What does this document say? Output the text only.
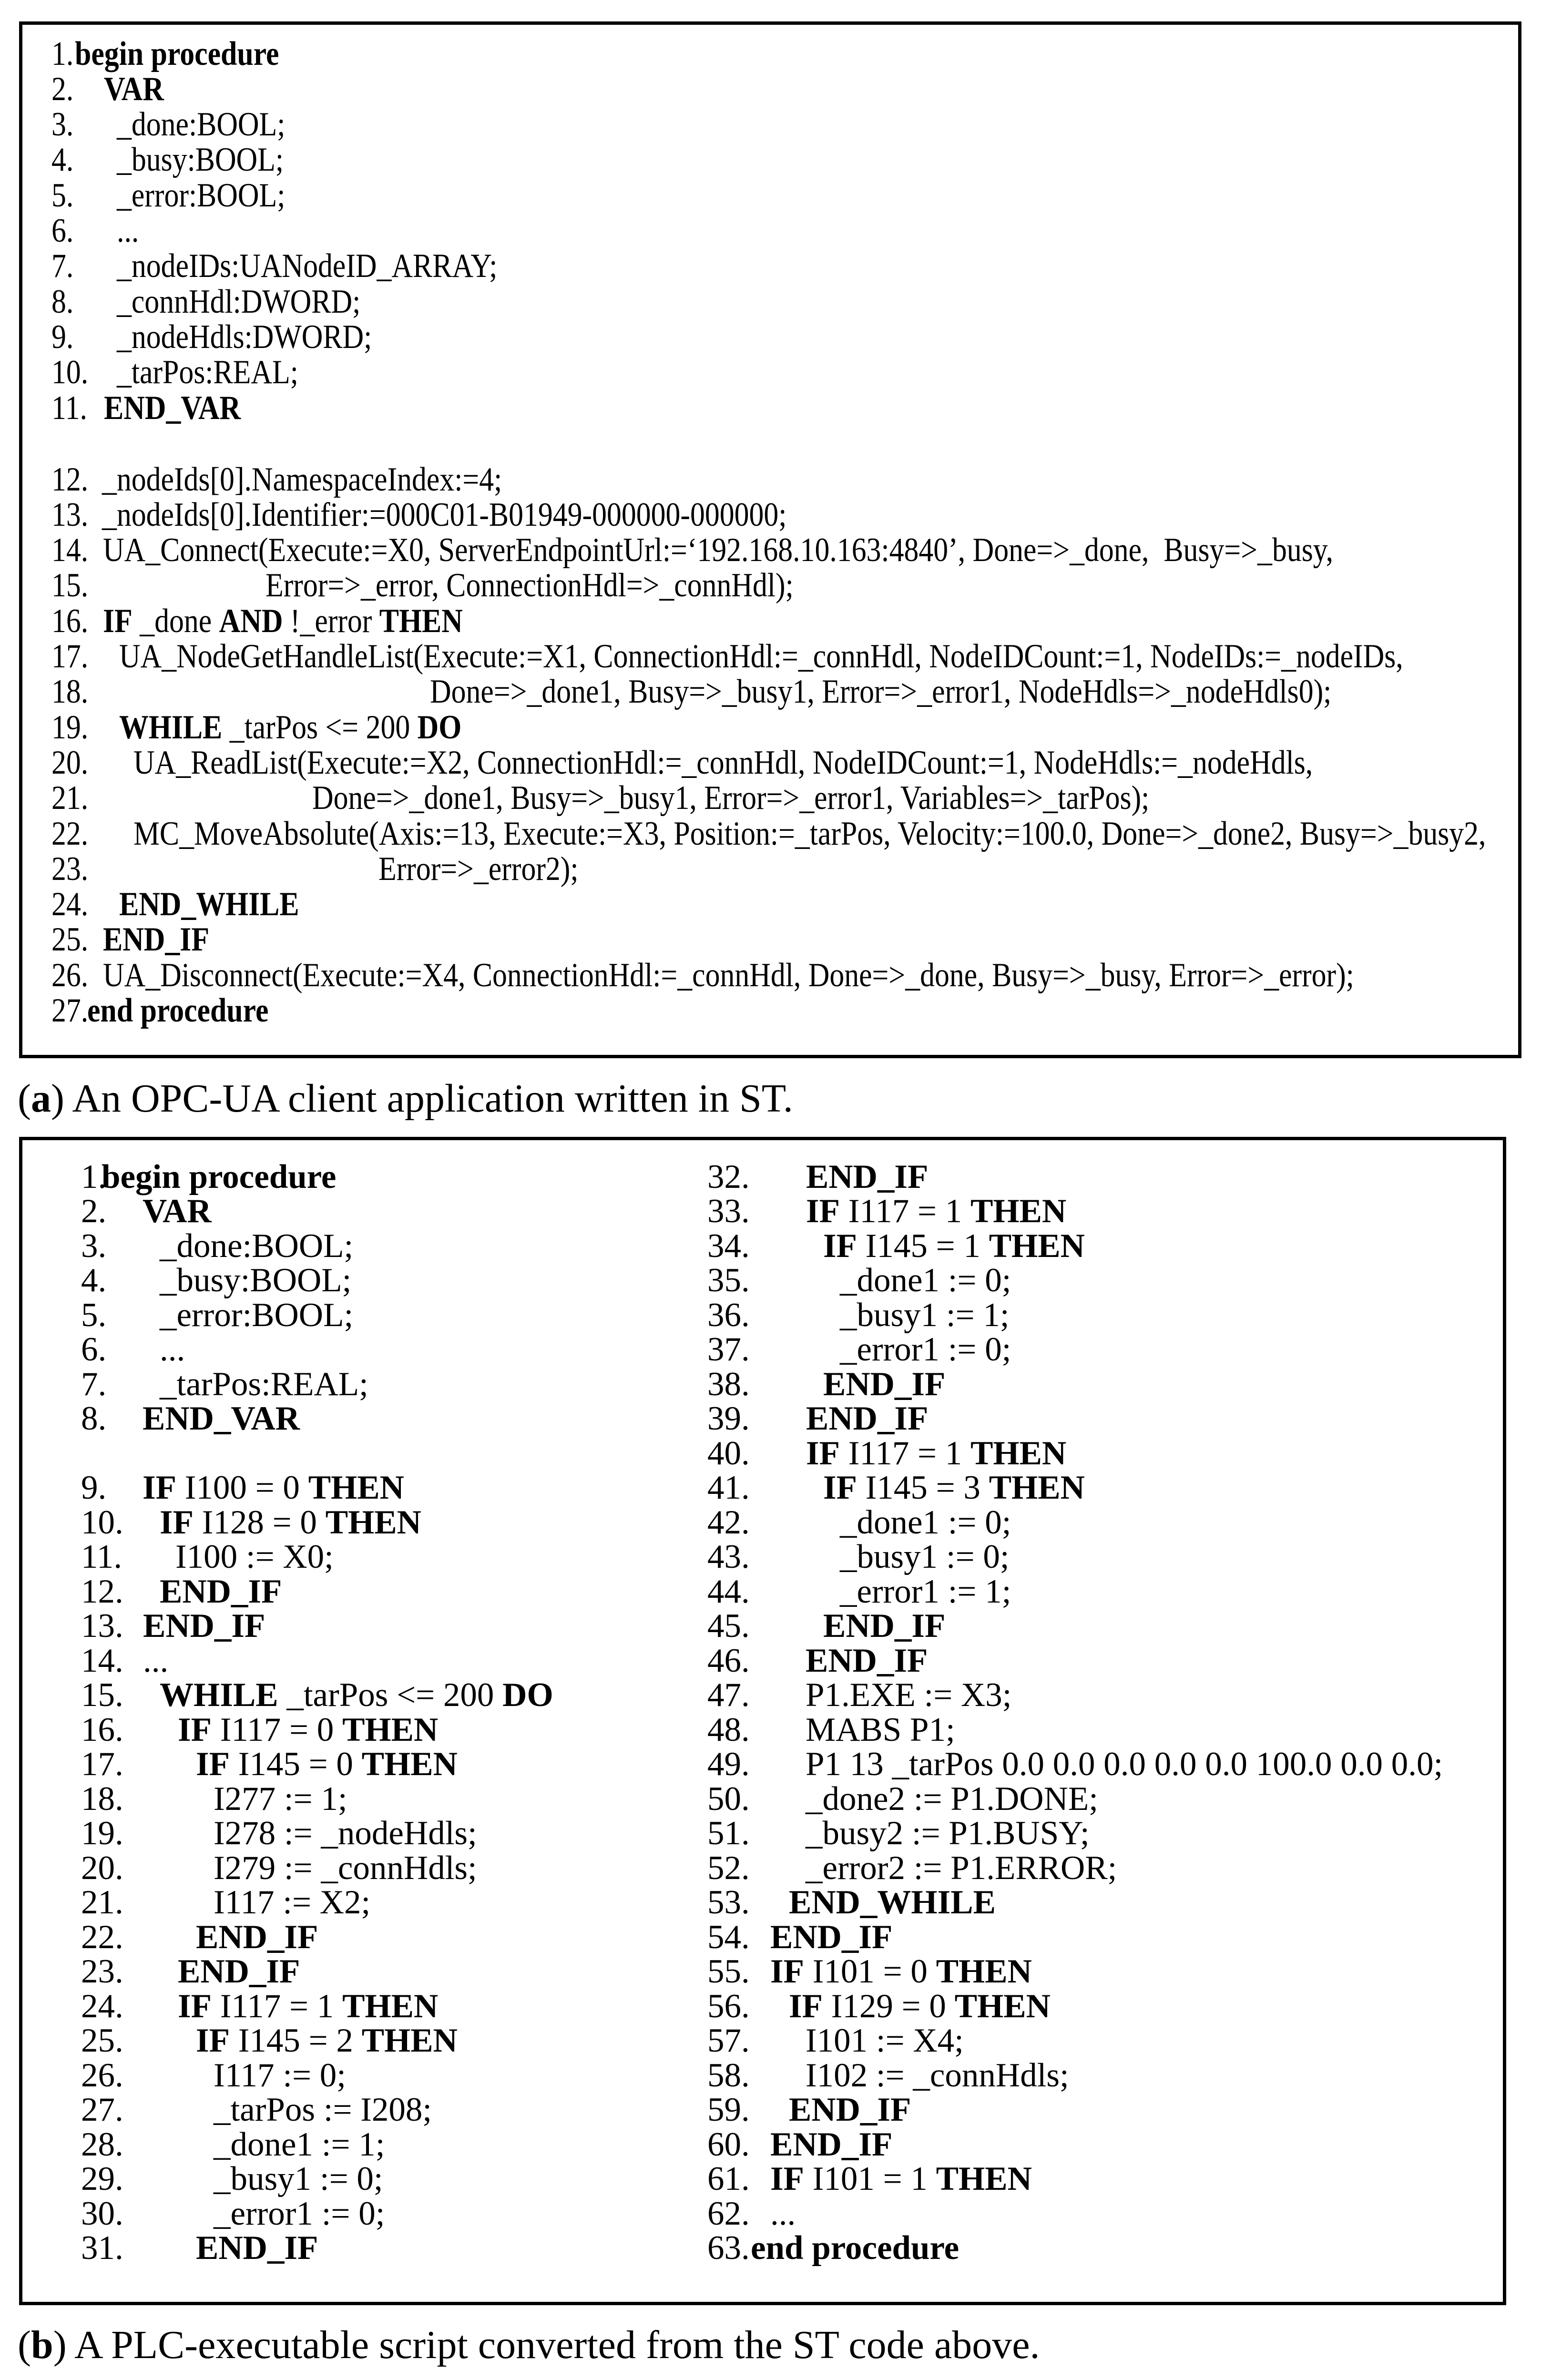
1. begin procedure
2. VAR
3. _done:BOOL;
4. _busy:BOOL;
5. _error:BOOL;
6. ...
7. _nodeIDs:UANodeID_ARRAY;
8. _connHdl:DWORD;
9. _nodeHdls:DWORD;
10. _tarPos:REAL;
11. END_VAR
12. _nodeIds[0].NamespaceIndex:=4;
13. _nodeIds[0].Identifier:=000C01-B01949-000000-000000;
14. UA_Connect(Execute:=X0, ServerEndpointUrl:=‘192.168.10.163:4840’, Done=>_done,  Busy=>_busy,
15.	Error=>_error, ConnectionHdl=>_connHdl);
16. IF _done AND !_error THEN
17. UA_NodeGetHandleList(Execute:=X1, ConnectionHdl:=_connHdl, NodeIDCount:=1, NodeIDs:=_nodeIDs,
18.	Done=>_done1, Busy=>_busy1, Error=>_error1, NodeHdls=>_nodeHdls0);
19. WHILE _tarPos <= 200 DO
20. UA_ReadList(Execute:=X2, ConnectionHdl:=_connHdl, NodeIDCount:=1, NodeHdls:=_nodeHdls,
21.	Done=>_done1, Busy=>_busy1, Error=>_error1, Variables=>_tarPos);
22. MC_MoveAbsolute(Axis:=13, Execute:=X3, Position:=_tarPos, Velocity:=100.0, Done=>_done2, Busy=>_busy2,
23.	Error=>_error2);
24. END_WHILE
25. END_IF
26. UA_Disconnect(Execute:=X4, ConnectionHdl:=_connHdl, Done=>_done, Busy=>_busy, Error=>_error);
27.
end procedure
(a) An OPC-UA client application written in ST.
1.
begin procedure
2. VAR
3. _done:BOOL;
4. _busy:BOOL;
5. _error:BOOL;
6. ...
7. _tarPos:REAL;
8. END_VAR
9. IF I100 = 0 THEN
10. IF I128 = 0 THEN
11. I100 := X0;
12. END_IF
13. END_IF
14. ...
15. WHILE _tarPos <= 200 DO
16. IF I117 = 0 THEN
17. IF I145 = 0 THEN
18.	I277 := 1;
19.	I278 := _nodeHdls;
20.	I279 := _connHdls;
21.	I117 := X2;
22. END_IF
23. END_IF
24. IF I117 = 1 THEN
25. IF I145 = 2 THEN
26.	I117 := 0;
27.	_tarPos := I208;
28.	_done1 := 1;
29.	_busy1 := 0;
30.	_error1 := 0;
31. END_IF
32. END_IF
33. IF I117 = 1 THEN
34. IF I145 = 1 THEN
35.	_done1 := 0;
36.	_busy1 := 1;
37.	_error1 := 0;
38. END_IF
39. END_IF
40. IF I117 = 1 THEN
41. IF I145 = 3 THEN
42.	_done1 := 0;
43.	_busy1 := 0;
44.	_error1 := 1;
45. END_IF
46. END_IF
47. P1.EXE := X3;
48. MABS P1;
49. P1 13 _tarPos 0.0 0.0 0.0 0.0 0.0 100.0 0.0 0.0;
50. _done2 := P1.DONE;
51. _busy2 := P1.BUSY;
52. _error2 := P1.ERROR;
53. END_WHILE
54. END_IF
55. IF I101 = 0 THEN
56. IF I129 = 0 THEN
57. I101 := X4;
58. I102 := _connHdls;
59. END_IF
60. END_IF
61. IF I101 = 1 THEN
62. ...
63. end procedure
(b) A PLC-executable script converted from the ST code above.
